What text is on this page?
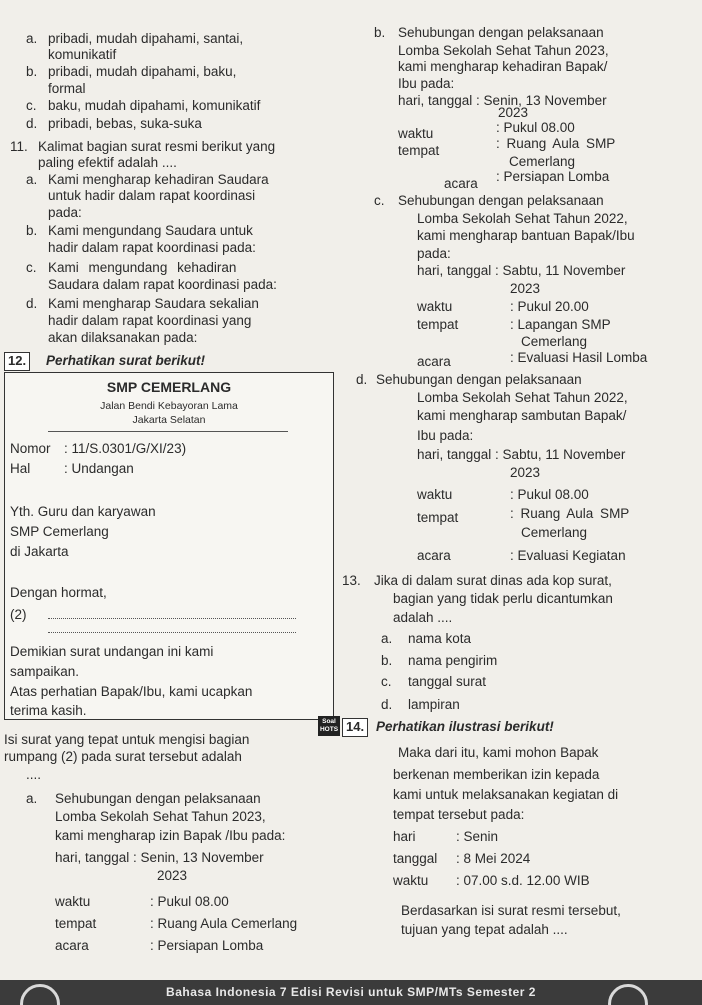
a. pribadi, mudah dipahami, santai,
komunikatif
b. pribadi, mudah dipahami, baku,
formal
c. baku, mudah dipahami, komunikatif
d. pribadi, bebas, suka-suka
11. Kalimat bagian surat resmi berikut yang
paling efektif adalah ....
a. Kami mengharap kehadiran Saudara
untuk hadir dalam rapat koordinasi
pada:
b. Kami mengundang Saudara untuk
hadir dalam rapat koordinasi pada:
c. Kami mengundang kehadiran
Saudara dalam rapat koordinasi pada:
d. Kami mengharap Saudara sekalian
hadir dalam rapat koordinasi yang
akan dilaksanakan pada:
12. Perhatikan surat berikut!
SMP CEMERLANG
Jalan Bendi Kebayoran Lama
Jakarta Selatan
Nomor : 11/S.0301/G/XI/23)
Hal : Undangan
Yth. Guru dan karyawan
SMP Cemerlang
di Jakarta
Dengan hormat,
(2)
Demikian surat undangan ini kami
sampaikan.
Atas perhatian Bapak/Ibu, kami ucapkan
terima kasih.
Isi surat yang tepat untuk mengisi bagian
rumpang (2) pada surat tersebut adalah
....
a. Sehubungan dengan pelaksanaan
Lomba Sekolah Sehat Tahun 2023,
kami mengharap izin Bapak /Ibu pada:
hari, tanggal : Senin, 13 November
2023
waktu	: Pukul 08.00
tempat	: Ruang Aula Cemerlang
acara	: Persiapan Lomba
b. Sehubungan dengan pelaksanaan
Lomba Sekolah Sehat Tahun 2023,
kami mengharap kehadiran Bapak/
Ibu pada:
hari, tanggal : Senin, 13 November
2023
waktu	: Pukul 08.00
tempat	: Ruang Aula SMP
Cemerlang
acara : Persiapan Lomba
c. Sehubungan dengan pelaksanaan
Lomba Sekolah Sehat Tahun 2022,
kami mengharap bantuan Bapak/Ibu
pada:
hari, tanggal : Sabtu, 11 November
2023
waktu	: Pukul 20.00
tempat	: Lapangan SMP
Cemerlang
acara	: Evaluasi Hasil Lomba
d. Sehubungan dengan pelaksanaan
Lomba Sekolah Sehat Tahun 2022,
kami mengharap sambutan Bapak/
Ibu pada:
hari, tanggal : Sabtu, 11 November
2023
waktu	: Pukul 08.00
tempat	: Ruang Aula SMP
Cemerlang
acara	: Evaluasi Kegiatan
13. Jika di dalam surat dinas ada kop surat,
bagian yang tidak perlu dicantumkan
adalah ....
a. nama kota
b. nama pengirim
c. tanggal surat
d. lampiran
14. Perhatikan ilustrasi berikut!
Maka dari itu, kami mohon Bapak
berkenan memberikan izin kepada
kami untuk melaksanakan kegiatan di
tempat tersebut pada:
hari	: Senin
tanggal : 8 Mei 2024
waktu : 07.00 s.d. 12.00 WIB
Berdasarkan isi surat resmi tersebut,
tujuan yang tepat adalah ....
Soal
HOTS
Bahasa Indonesia 7 Edisi Revisi untuk SMP/MTs Semester 2
